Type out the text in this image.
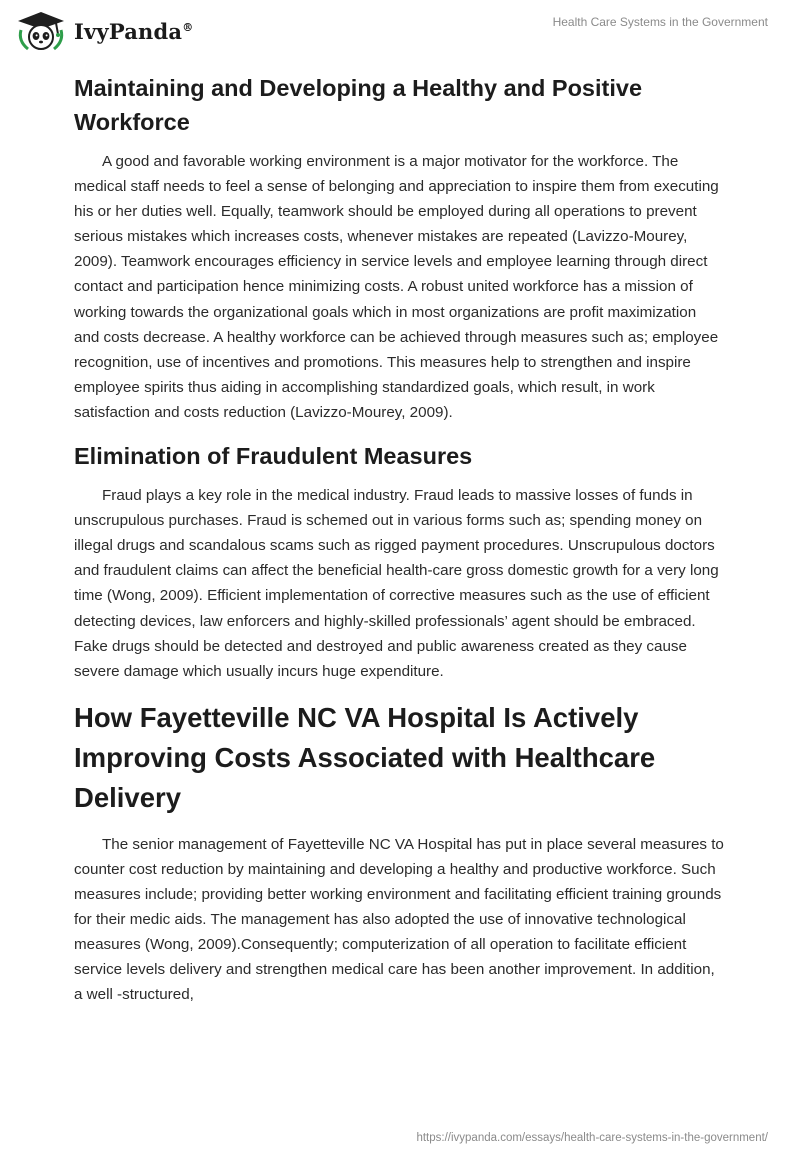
IvyPanda®	Health Care Systems in the Government
Maintaining and Developing a Healthy and Positive Workforce

A good and favorable working environment is a major motivator for the workforce. The medical staff needs to feel a sense of belonging and appreciation to inspire them from executing his or her duties well. Equally, teamwork should be employed during all operations to prevent serious mistakes which increases costs, whenever mistakes are repeated (Lavizzo-Mourey, 2009). Teamwork encourages efficiency in service levels and employee learning through direct contact and participation hence minimizing costs. A robust united workforce has a mission of working towards the organizational goals which in most organizations are profit maximization and costs decrease. A healthy workforce can be achieved through measures such as; employee recognition, use of incentives and promotions. This measures help to strengthen and inspire employee spirits thus aiding in accomplishing standardized goals, which result, in work satisfaction and costs reduction (Lavizzo-Mourey, 2009).

Elimination of Fraudulent Measures

Fraud plays a key role in the medical industry. Fraud leads to massive losses of funds in unscrupulous purchases. Fraud is schemed out in various forms such as; spending money on illegal drugs and scandalous scams such as rigged payment procedures. Unscrupulous doctors and fraudulent claims can affect the beneficial health-care gross domestic growth for a very long time (Wong, 2009). Efficient implementation of corrective measures such as the use of efficient detecting devices, law enforcers and highly-skilled professionals’ agent should be embraced. Fake drugs should be detected and destroyed and public awareness created as they cause severe damage which usually incurs huge expenditure.

How Fayetteville NC VA Hospital Is Actively Improving Costs Associated with Healthcare Delivery

The senior management of Fayetteville NC VA Hospital has put in place several measures to counter cost reduction by maintaining and developing a healthy and productive workforce. Such measures include; providing better working environment and facilitating efficient training grounds for their medic aids. The management has also adopted the use of innovative technological measures (Wong, 2009).Consequently; computerization of all operation to facilitate efficient service levels delivery and strengthen medical care has been another improvement. In addition, a well -structured,

https://ivypanda.com/essays/health-care-systems-in-the-government/
